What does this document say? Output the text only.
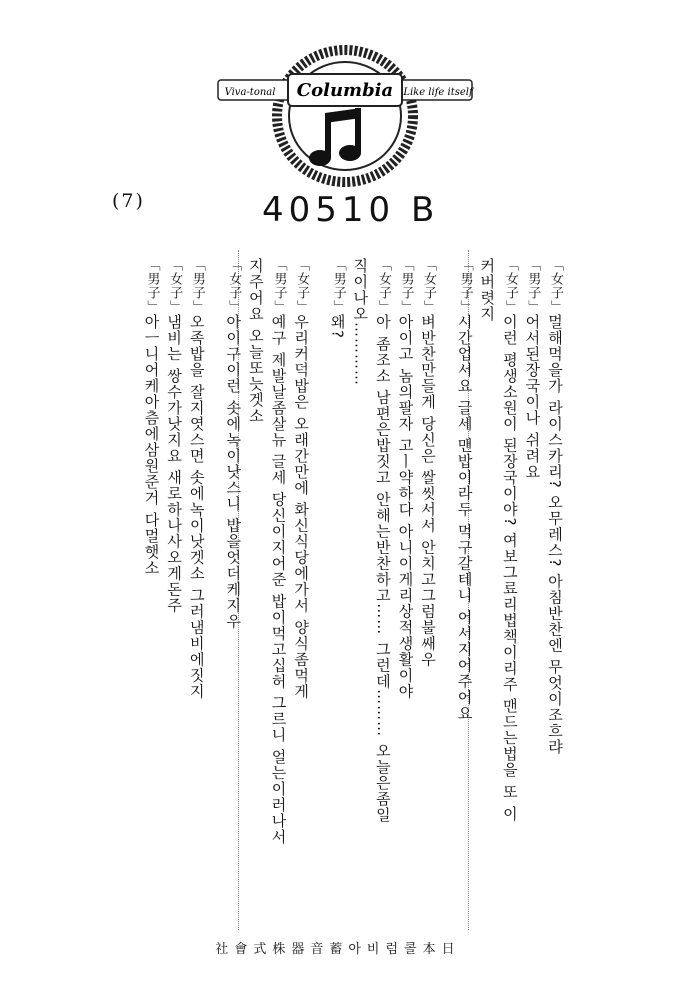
Columbia
Viva-tonal	Like life itself
(7)	40510 B
「女子」멀해먹을가 라이스카리? 오무레스? 아침반찬엔 무엇이조흐랴
「男子」어서된장국이나 쉬려요
「女子」이런 평생소원이 된장국이야? 여보그료리법책이리주 맨드는법을 또 이
커버렷지
「男子」시간업서요 글세 맨밥이라두 먹구갈테니 어서지어주어요
「女子」벼반찬만들게 당신은 쌀씻서서 안치고그럼불쌔우
「男子」아이고 놈의팔자 고ㅣ약하다 아니이게리상적생활이야
「女子」아 좀조소 남편은밥짓고 안해는반찬하고…… 그런데……… 오늘은좀일
직이나오…………
「男子」왜?
「女子」우리커덕밥은 오래간만에 화신식당에가서 양식좀먹게
「男子」예구 제발날좀살뉴 글세 당신이지어준 밥이먹고십허 그르니 얼는이러나서
지주어요 오늘또늣겟소
「女子」아이구이런 솟에녹이낫스니 밥을엇더케지우
「男子」오족밥을 잘지엿스면 솟에녹이낫겟소 그러냄비에짓지
「女子」냄비는 쌍수가낫지요 새로하나사오게돈주
「男子」아ㅡ니어케아츰에삼원준거 다멀햇소
社會式株器音蓄아비럼콜本日
